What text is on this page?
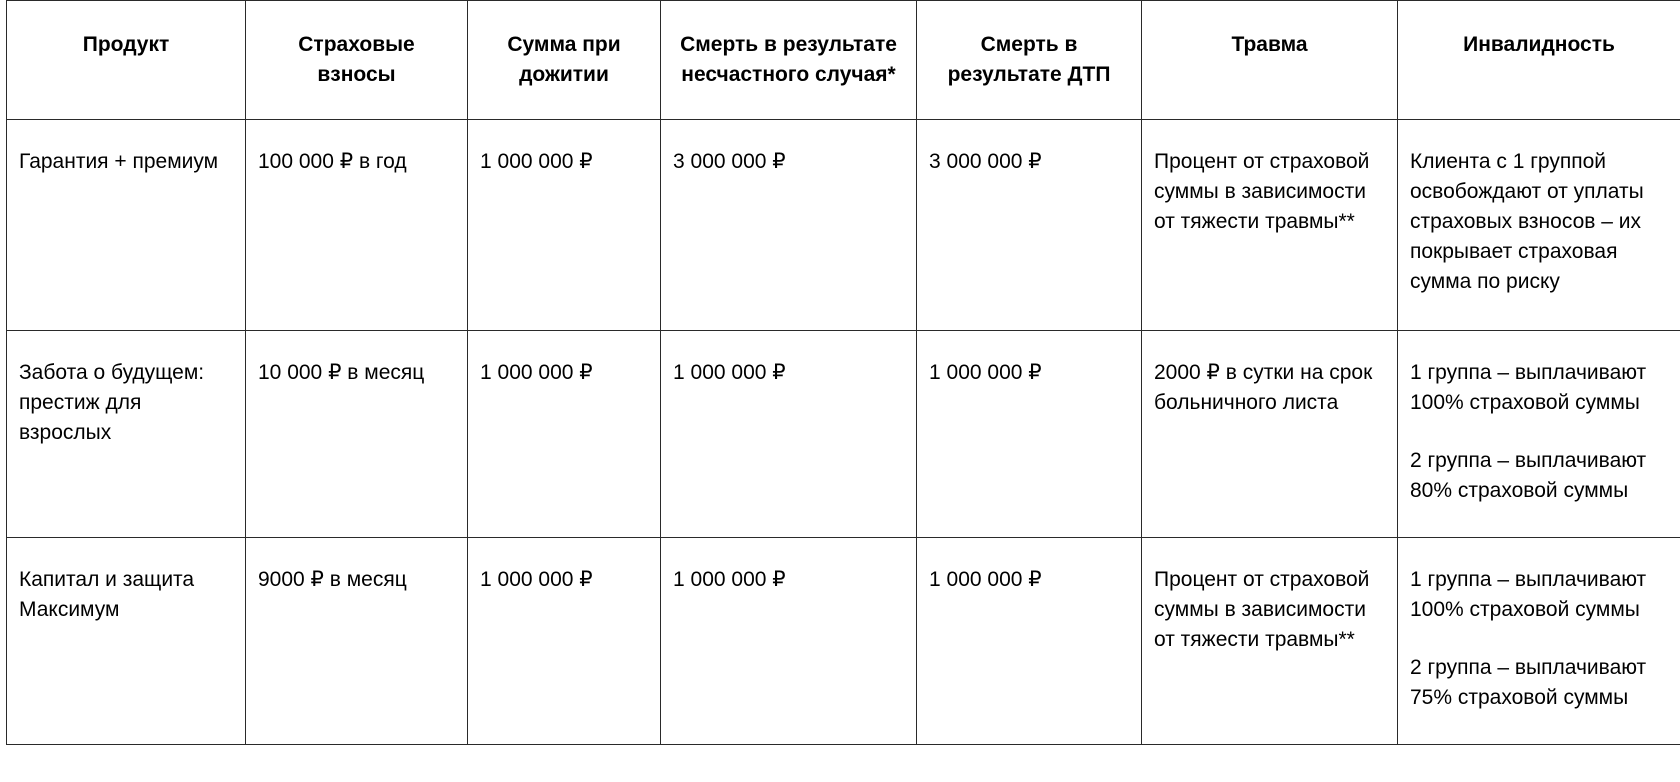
Продукт	Страховые взносы	Сумма при дожитии	Смерть в результате несчастного случая*	Смерть в результате ДТП	Травма	Инвалидность
Гарантия + премиум	100 000 ₽ в год	1 000 000 ₽	3 000 000 ₽	3 000 000 ₽	Процент от страховой суммы в зависимости от тяжести травмы**	Клиента с 1 группой освобождают от уплаты страховых взносов – их покрывает страховая сумма по риску

Забота о будущем: престиж для взрослых	10 000 ₽ в месяц	1 000 000 ₽	1 000 000 ₽	1 000 000 ₽	2000 ₽ в сутки на срок больничного листа	1 группа – выплачивают 100% страховой суммы
2 группа – выплачивают 80% страховой суммы

Капитал и защита Максимум	9000 ₽ в месяц	1 000 000 ₽	1 000 000 ₽	1 000 000 ₽	Процент от страховой суммы в зависимости от тяжести травмы**	1 группа – выплачивают 100% страховой суммы
2 группа – выплачивают 75% страховой суммы
